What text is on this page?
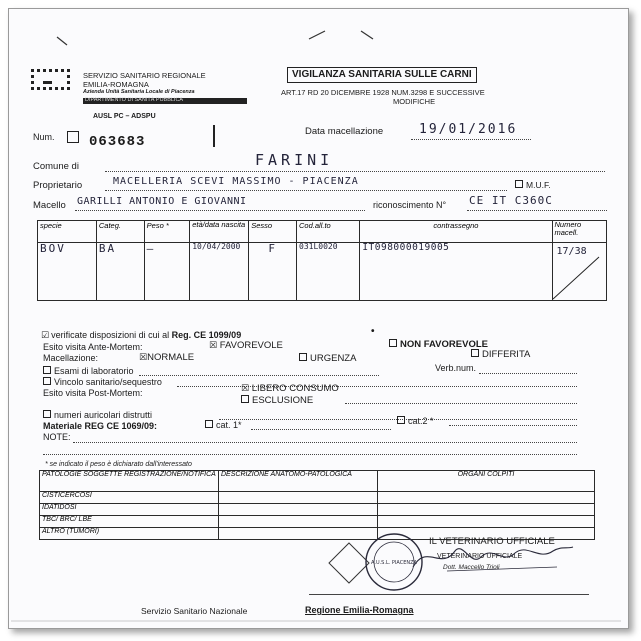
SERVIZIO SANITARIO REGIONALE
EMILIA-ROMAGNA
Azienda Unità Sanitaria Locale di Piacenza
DIPARTIMENTO DI SANITÀ PUBBLICA
AUSL PC – ADSPU
Num. 063683
VIGILANZA SANITARIA SULLE CARNI
ART.17 RD 20 DICEMBRE 1928 NUM.3298 E SUCCESSIVE
MODIFICHE
Data macellazione	19/01/2016
Comune di	FARINI
Proprietario	MACELLERIA SCEVI MASSIMO - PIACENZA	M.U.F.
Macello GARILLI ANTONIO E GIOVANNI	riconoscimento N° CE IT C360C
specie	Categ.	Peso *	età/data nascita	Sesso	Cod.all.to	contrassegno	Numero macell.
BOV	BA	—	10/04/2000	F	031L0020	IT098000019005	17/38
☑ verificate disposizioni di cui al Reg. CE 1099/09	•
Esito visita Ante-Mortem:	☒ FAVOREVOLE	NON FAVOREVOLE
Macellazione:	☒NORMALE	URGENZA	DIFFERITA
Esami di laboratorio	Verb.num.
Vincolo sanitario/sequestro
Esito visita Post-Mortem:	☒ LIBERO CONSUMO
ESCLUSIONE
numeri auricolari distrutti
Materiale REG CE 1069/09:	cat. 1*	cat.2 *
NOTE:
* se indicato il peso è dichiarato dall'interessato
PATOLOGIE SOGGETTE REGISTRAZIONE/NOTIFICA	DESCRIZIONE ANATOMO-PATOLOGICA	ORGANI COLPITI
CISTICERCOSI		
IDATIDOSI		
TBC/ BRC/ LBE		
ALTRO (TUMORI)		
IL VETERINARIO UFFICIALE
A.U.S.L. PIACENZA
VETERINARIO UFFICIALE
Dott. Maccello Trioli
Servizio Sanitario Nazionale	Regione Emilia-Romagna
